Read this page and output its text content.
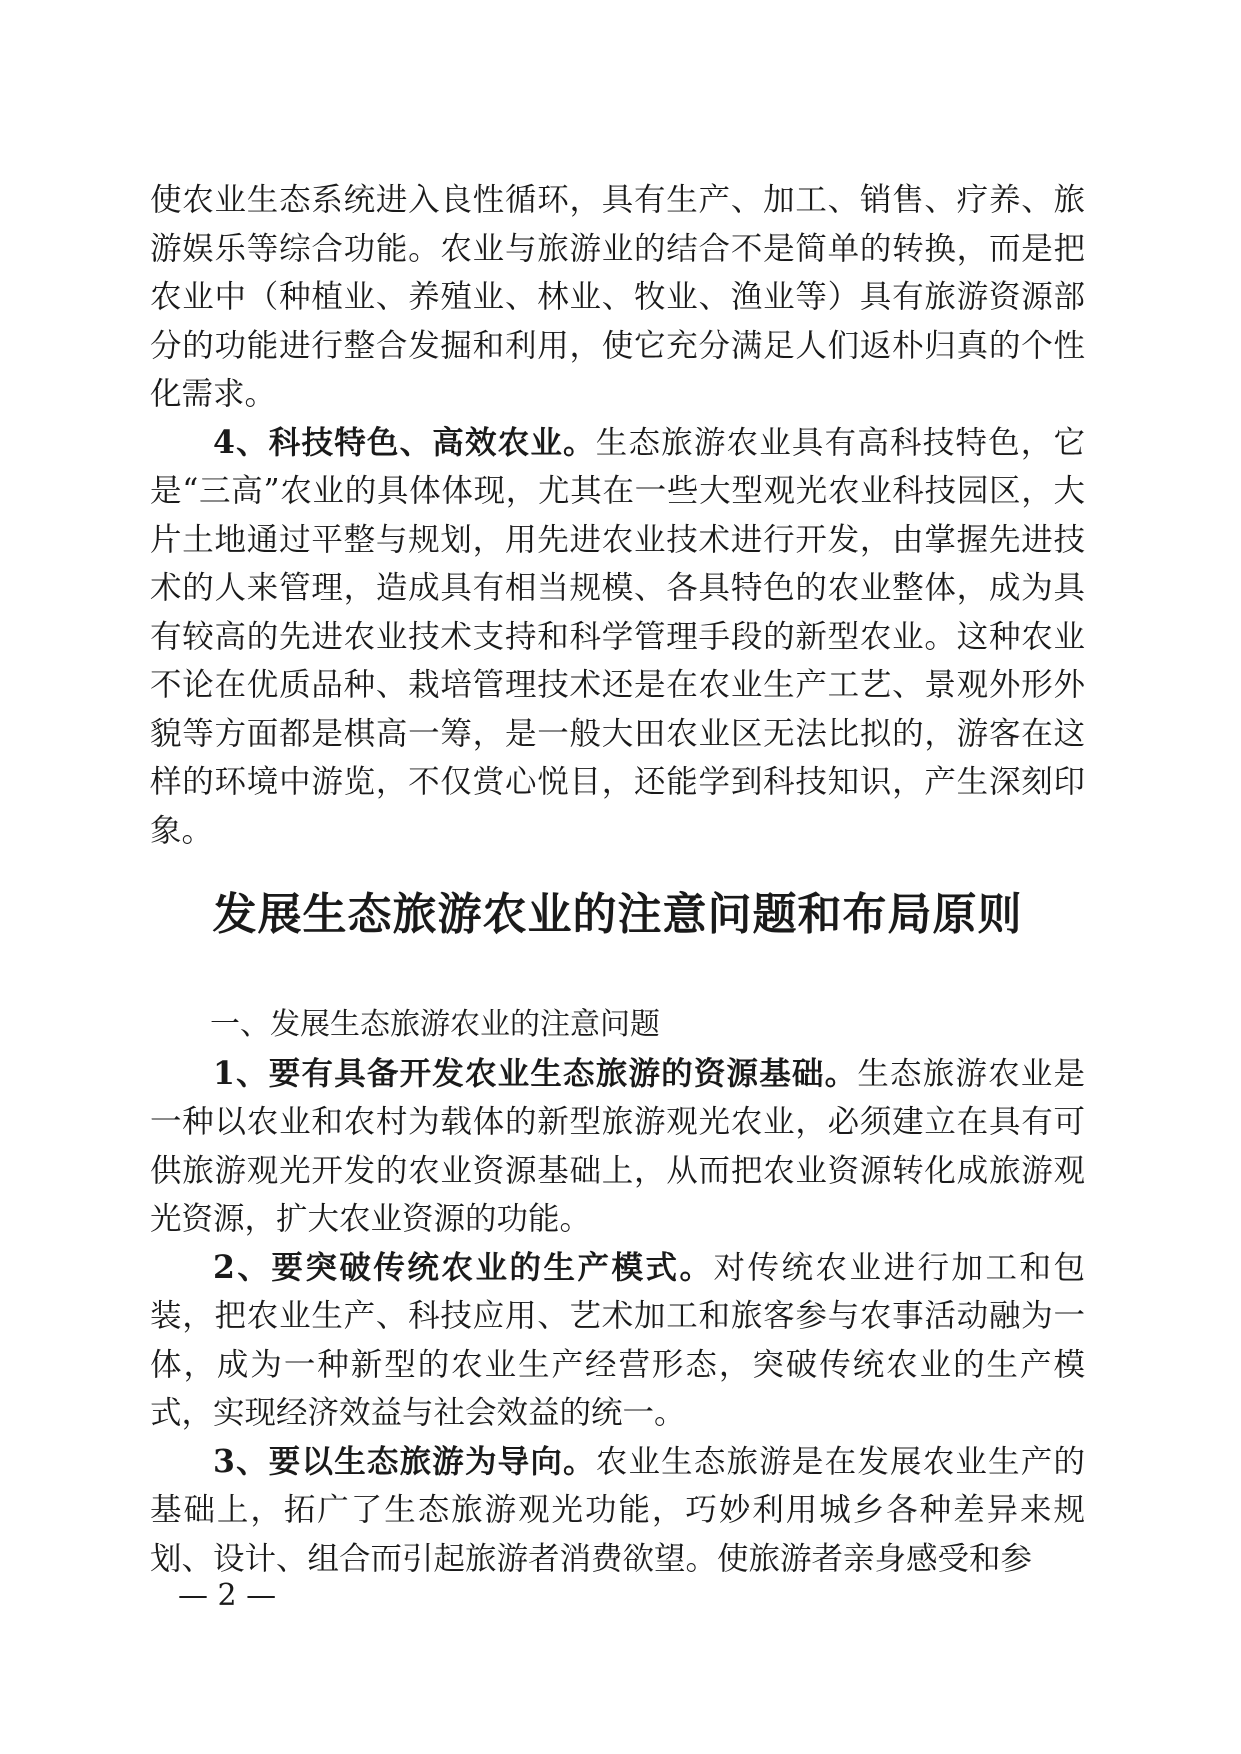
使农业生态系统进入良性循环，具有生产、加工、销售、疗养、旅游娱乐等综合功能。农业与旅游业的结合不是简单的转换，而是把农业中（种植业、养殖业、林业、牧业、渔业等）具有旅游资源部分的功能进行整合发掘和利用，使它充分满足人们返朴归真的个性化需求。

4、科技特色、高效农业。生态旅游农业具有高科技特色，它是“三高”农业的具体体现，尤其在一些大型观光农业科技园区，大片土地通过平整与规划，用先进农业技术进行开发，由掌握先进技术的人来管理，造成具有相当规模、各具特色的农业整体，成为具有较高的先进农业技术支持和科学管理手段的新型农业。这种农业不论在优质品种、栽培管理技术还是在农业生产工艺、景观外形外貌等方面都是棋高一筹，是一般大田农业区无法比拟的，游客在这样的环境中游览，不仅赏心悦目，还能学到科技知识，产生深刻印象。

发展生态旅游农业的注意问题和布局原则

一、发展生态旅游农业的注意问题

1、要有具备开发农业生态旅游的资源基础。生态旅游农业是一种以农业和农村为载体的新型旅游观光农业，必须建立在具有可供旅游观光开发的农业资源基础上，从而把农业资源转化成旅游观光资源，扩大农业资源的功能。

2、要突破传统农业的生产模式。对传统农业进行加工和包装，把农业生产、科技应用、艺术加工和旅客参与农事活动融为一体，成为一种新型的农业生产经营形态，突破传统农业的生产模式，实现经济效益与社会效益的统一。

3、要以生态旅游为导向。农业生态旅游是在发展农业生产的基础上，拓广了生态旅游观光功能，巧妙利用城乡各种差异来规划、设计、组合而引起旅游者消费欲望。使旅游者亲身感受和参

— 2 —
